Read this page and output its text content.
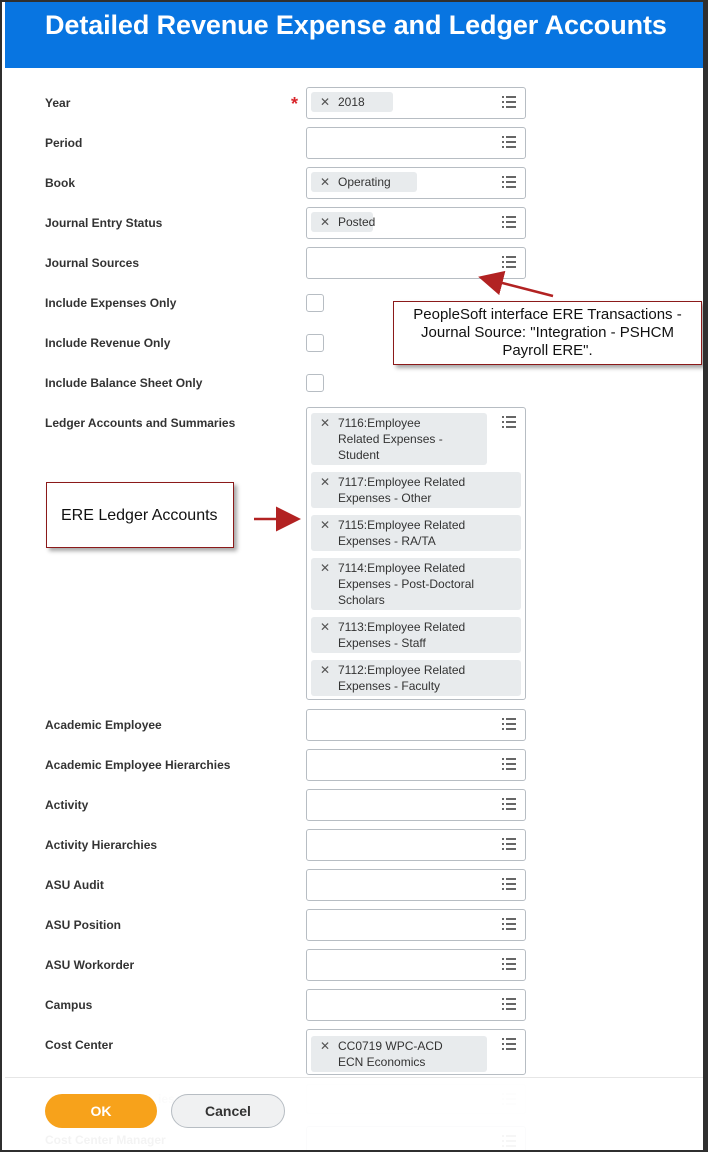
Detailed Revenue Expense and Ledger Accounts
Year	* ✕ 2018
Period
Book	✕ Operating
Journal Entry Status	✕ Posted
Journal Sources
Include Expenses Only
Include Revenue Only
Include Balance Sheet Only
Ledger Accounts and Summaries	✕ 7116:Employee
Related Expenses -
Student
✕ 7117:Employee Related
Expenses - Other
✕ 7115:Employee Related
Expenses - RA/TA
✕ 7114:Employee Related
Expenses - Post-Doctoral
Scholars
✕ 7113:Employee Related
Expenses - Staff
✕ 7112:Employee Related
Expenses - Faculty
Academic Employee
Academic Employee Hierarchies
Activity
Activity Hierarchies
ASU Audit
ASU Position
ASU Workorder
Campus
Cost Center	✕ CC0719 WPC-ACD
ECN Economics
OK	Cancel
PeopleSoft interface ERE Transactions -
Journal Source: "Integration - PSHCM
Payroll ERE".
ERE Ledger Accounts
